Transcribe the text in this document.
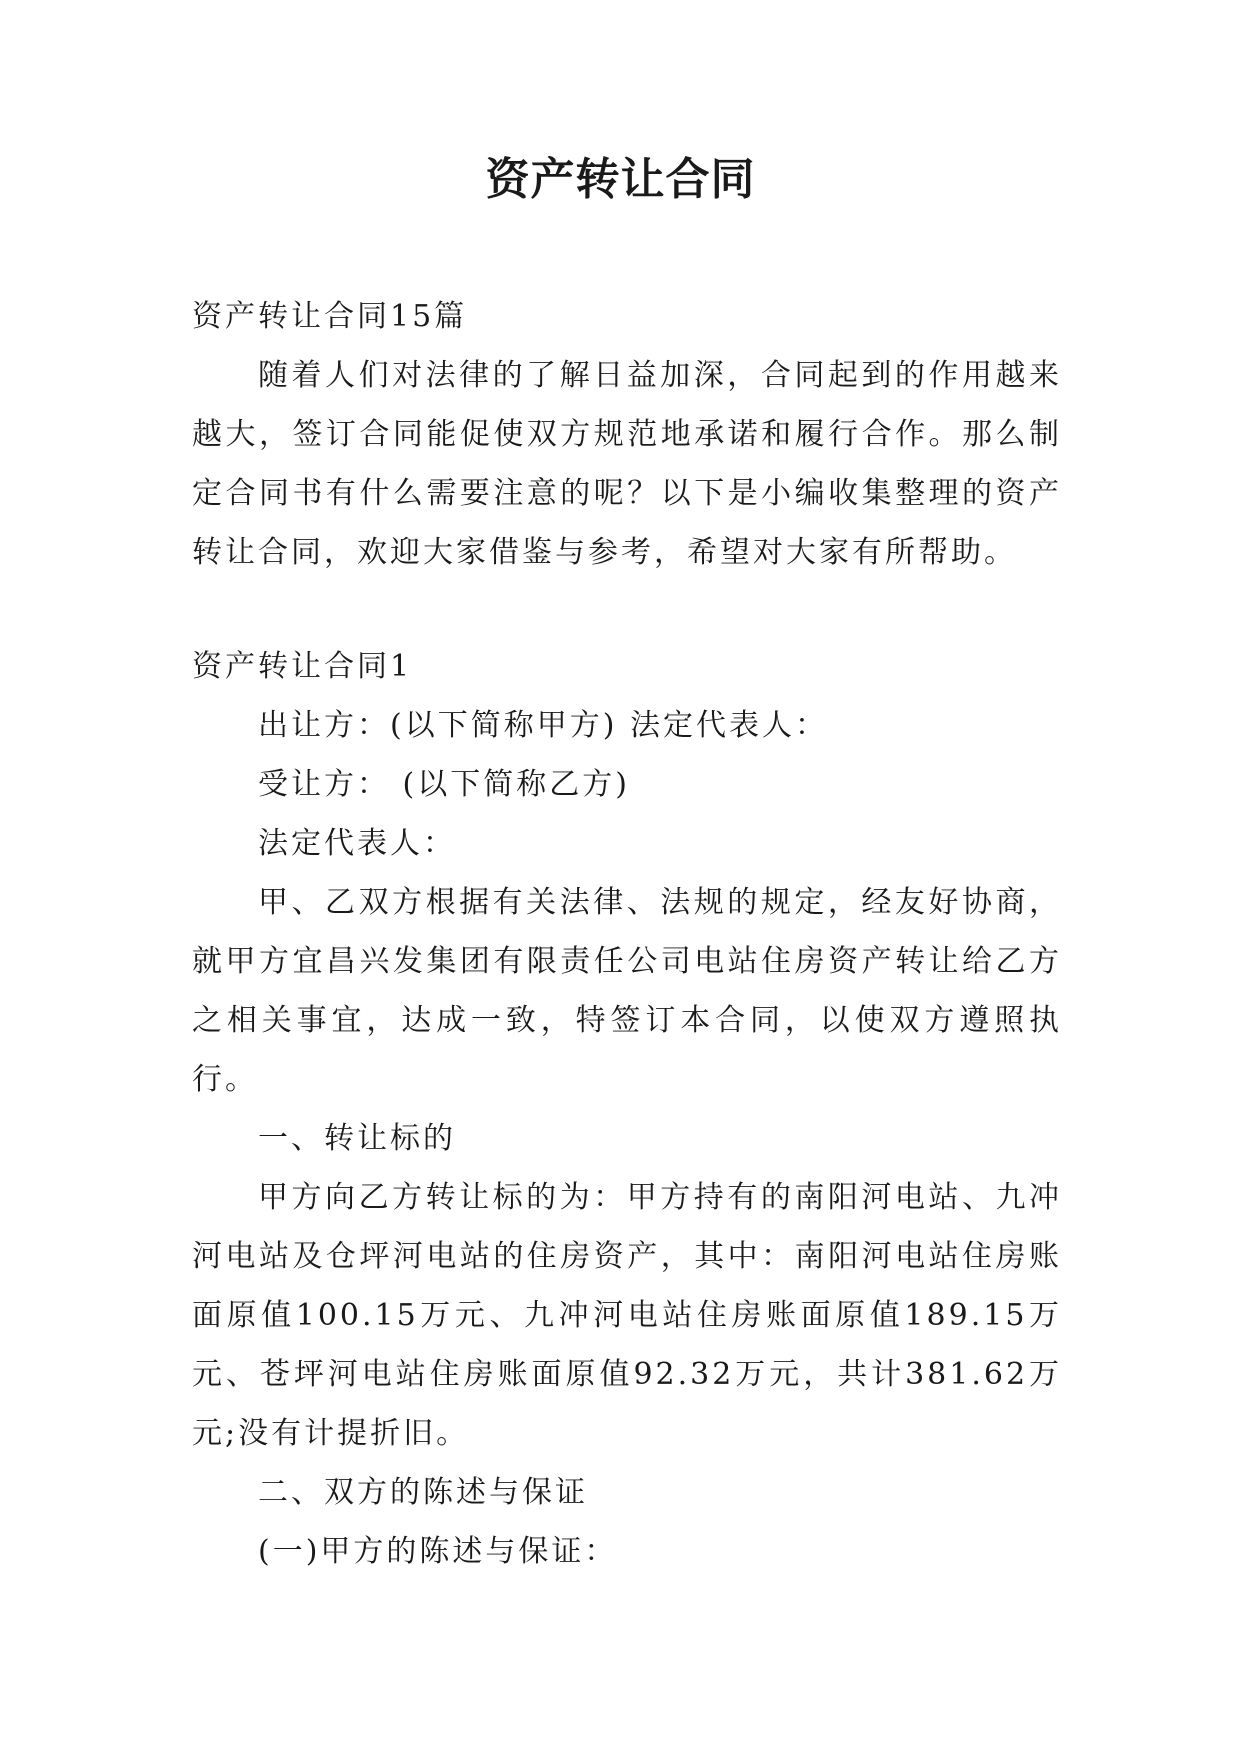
资产转让合同

资产转让合同15篇

随着人们对法律的了解日益加深，合同起到的作用越来越大，签订合同能促使双方规范地承诺和履行合作。那么制定合同书有什么需要注意的呢？以下是小编收集整理的资产转让合同，欢迎大家借鉴与参考，希望对大家有所帮助。

资产转让合同1

出让方：(以下简称甲方) 法定代表人：

受让方： (以下简称乙方)

法定代表人：

甲、乙双方根据有关法律、法规的规定，经友好协商，就甲方宜昌兴发集团有限责任公司电站住房资产转让给乙方之相关事宜，达成一致，特签订本合同，以使双方遵照执行。

一、转让标的

甲方向乙方转让标的为：甲方持有的南阳河电站、九冲河电站及仓坪河电站的住房资产，其中：南阳河电站住房账面原值100.15万元、九冲河电站住房账面原值189.15万元、苍坪河电站住房账面原值92.32万元，共计381.62万元;没有计提折旧。

二、双方的陈述与保证

(一)甲方的陈述与保证：
